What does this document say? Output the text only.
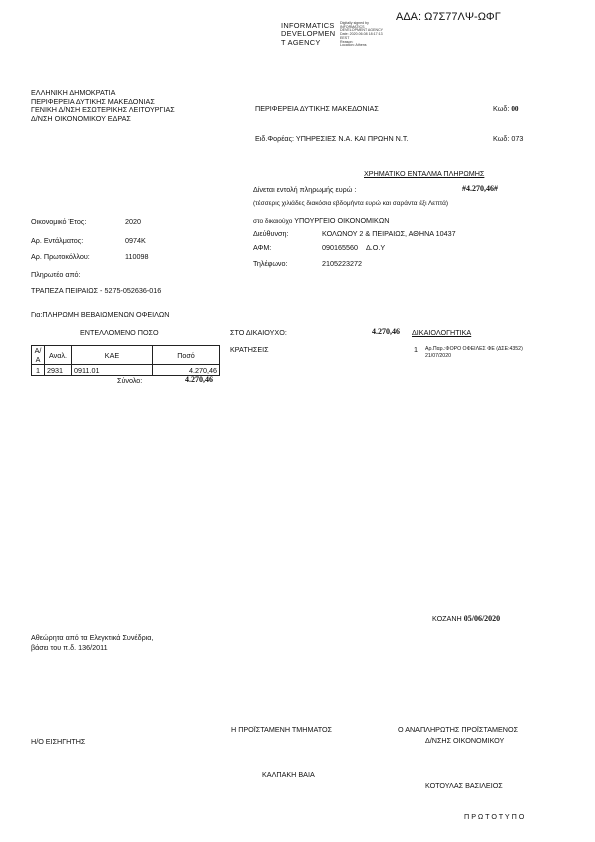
ΑΔΑ: Ω7Σ77ΛΨ-ΩΦΓ
INFORMATICS
DEVELOPMEN
T AGENCY
Digitally signed by
INFORMATICS
DEVELOPMENT AGENCY
Date: 2020.06.08 18:17:13
EEST
Reason:
Location: Athens
ΕΛΛΗΝΙΚΗ ΔΗΜΟΚΡΑΤΙΑ
ΠΕΡΙΦΕΡΕΙΑ ΔΥΤΙΚΗΣ ΜΑΚΕΔΟΝΙΑΣ
ΓΕΝΙΚΗ Δ/ΝΣΗ ΕΣΩΤΕΡΙΚΗΣ ΛΕΙΤΟΥΡΓΙΑΣ
Δ/ΝΣΗ ΟΙΚΟΝΟΜΙΚΟΥ ΕΔΡΑΣ
ΠΕΡΙΦΕΡΕΙΑ ΔΥΤΙΚΗΣ ΜΑΚΕΔΟΝΙΑΣ	Κωδ: 00
Ειδ.Φορέας: ΥΠΗΡΕΣΙΕΣ Ν.Α. ΚΑΙ ΠΡΩΗΝ Ν.Τ.	Κωδ: 073
ΧΡΗΜΑΤΙΚΟ ΕΝΤΑΛΜΑ ΠΛΗΡΩΜΗΣ
Δίνεται εντολή πληρωμής ευρώ :	#4.270,46#
(τέσσερις χιλιάδες διακόσια εβδομήντα ευρώ και σαράντα έξι Λεπτά)
στο δικαιούχο ΥΠΟΥΡΓΕΙΟ ΟΙΚΟΝΟΜΙΚΩΝ
Διεύθυνση:	ΚΟΛΩΝΟΥ 2 & ΠΕΙΡΑΙΩΣ, ΑΘΗΝΑ 10437
ΑΦΜ:	090165560 Δ.Ο.Υ
Τηλέφωνο:	2105223272
Οικονομικό Έτος:	2020
Αρ. Εντάλματος:	0974K
Αρ. Πρωτοκόλλου:	110098
Πληρωτέο από:
ΤΡΑΠΕΖΑ ΠΕΙΡΑΙΩΣ - 5275-052636-016
Για:ΠΛΗΡΩΜΗ ΒΕΒΑΙΩΜΕΝΩΝ ΟΦΕΙΛΩΝ
ΕΝΤΕΛΛΟΜΕΝΟ ΠΟΣΟ
Α/Α	Αναλ.	ΚΑΕ	Ποσό
1	2931	0911.01	4.270,46
Σύνολο:	4.270,46
ΣΤΟ ΔΙΚΑΙΟΥΧΟ:	4.270,46
ΚΡΑΤΗΣΕΙΣ
ΔΙΚΑΙΟΛΟΓΗΤΙΚΑ
1 Αρ.Παρ.:ΦΟΡΟ ΟΦΕΙΛΕΣ ΦΕ (ΔΣΕ:4352)
21/07/2020
ΚΟΖΑΝΗ 05/06/2020
Αθεώρητα από τα Ελεγκτικά Συνέδρια,
βάσει του π.δ. 136/2011
Η/Ο ΕΙΣΗΓΗΤΗΣ
Η ΠΡΟΪΣΤΑΜΕΝΗ ΤΜΗΜΑΤΟΣ
ΚΑΛΠΑΚΗ ΒΑΙΑ
Ο ΑΝΑΠΛΗΡΩΤΗΣ ΠΡΟΪΣΤΑΜΕΝΟΣ
Δ/ΝΣΗΣ ΟΙΚΟΝΟΜΙΚΟΥ
ΚΟΤΟΥΛΑΣ ΒΑΣΙΛΕΙΟΣ
Π Ρ Ω Τ Ο Τ Υ Π Ο
